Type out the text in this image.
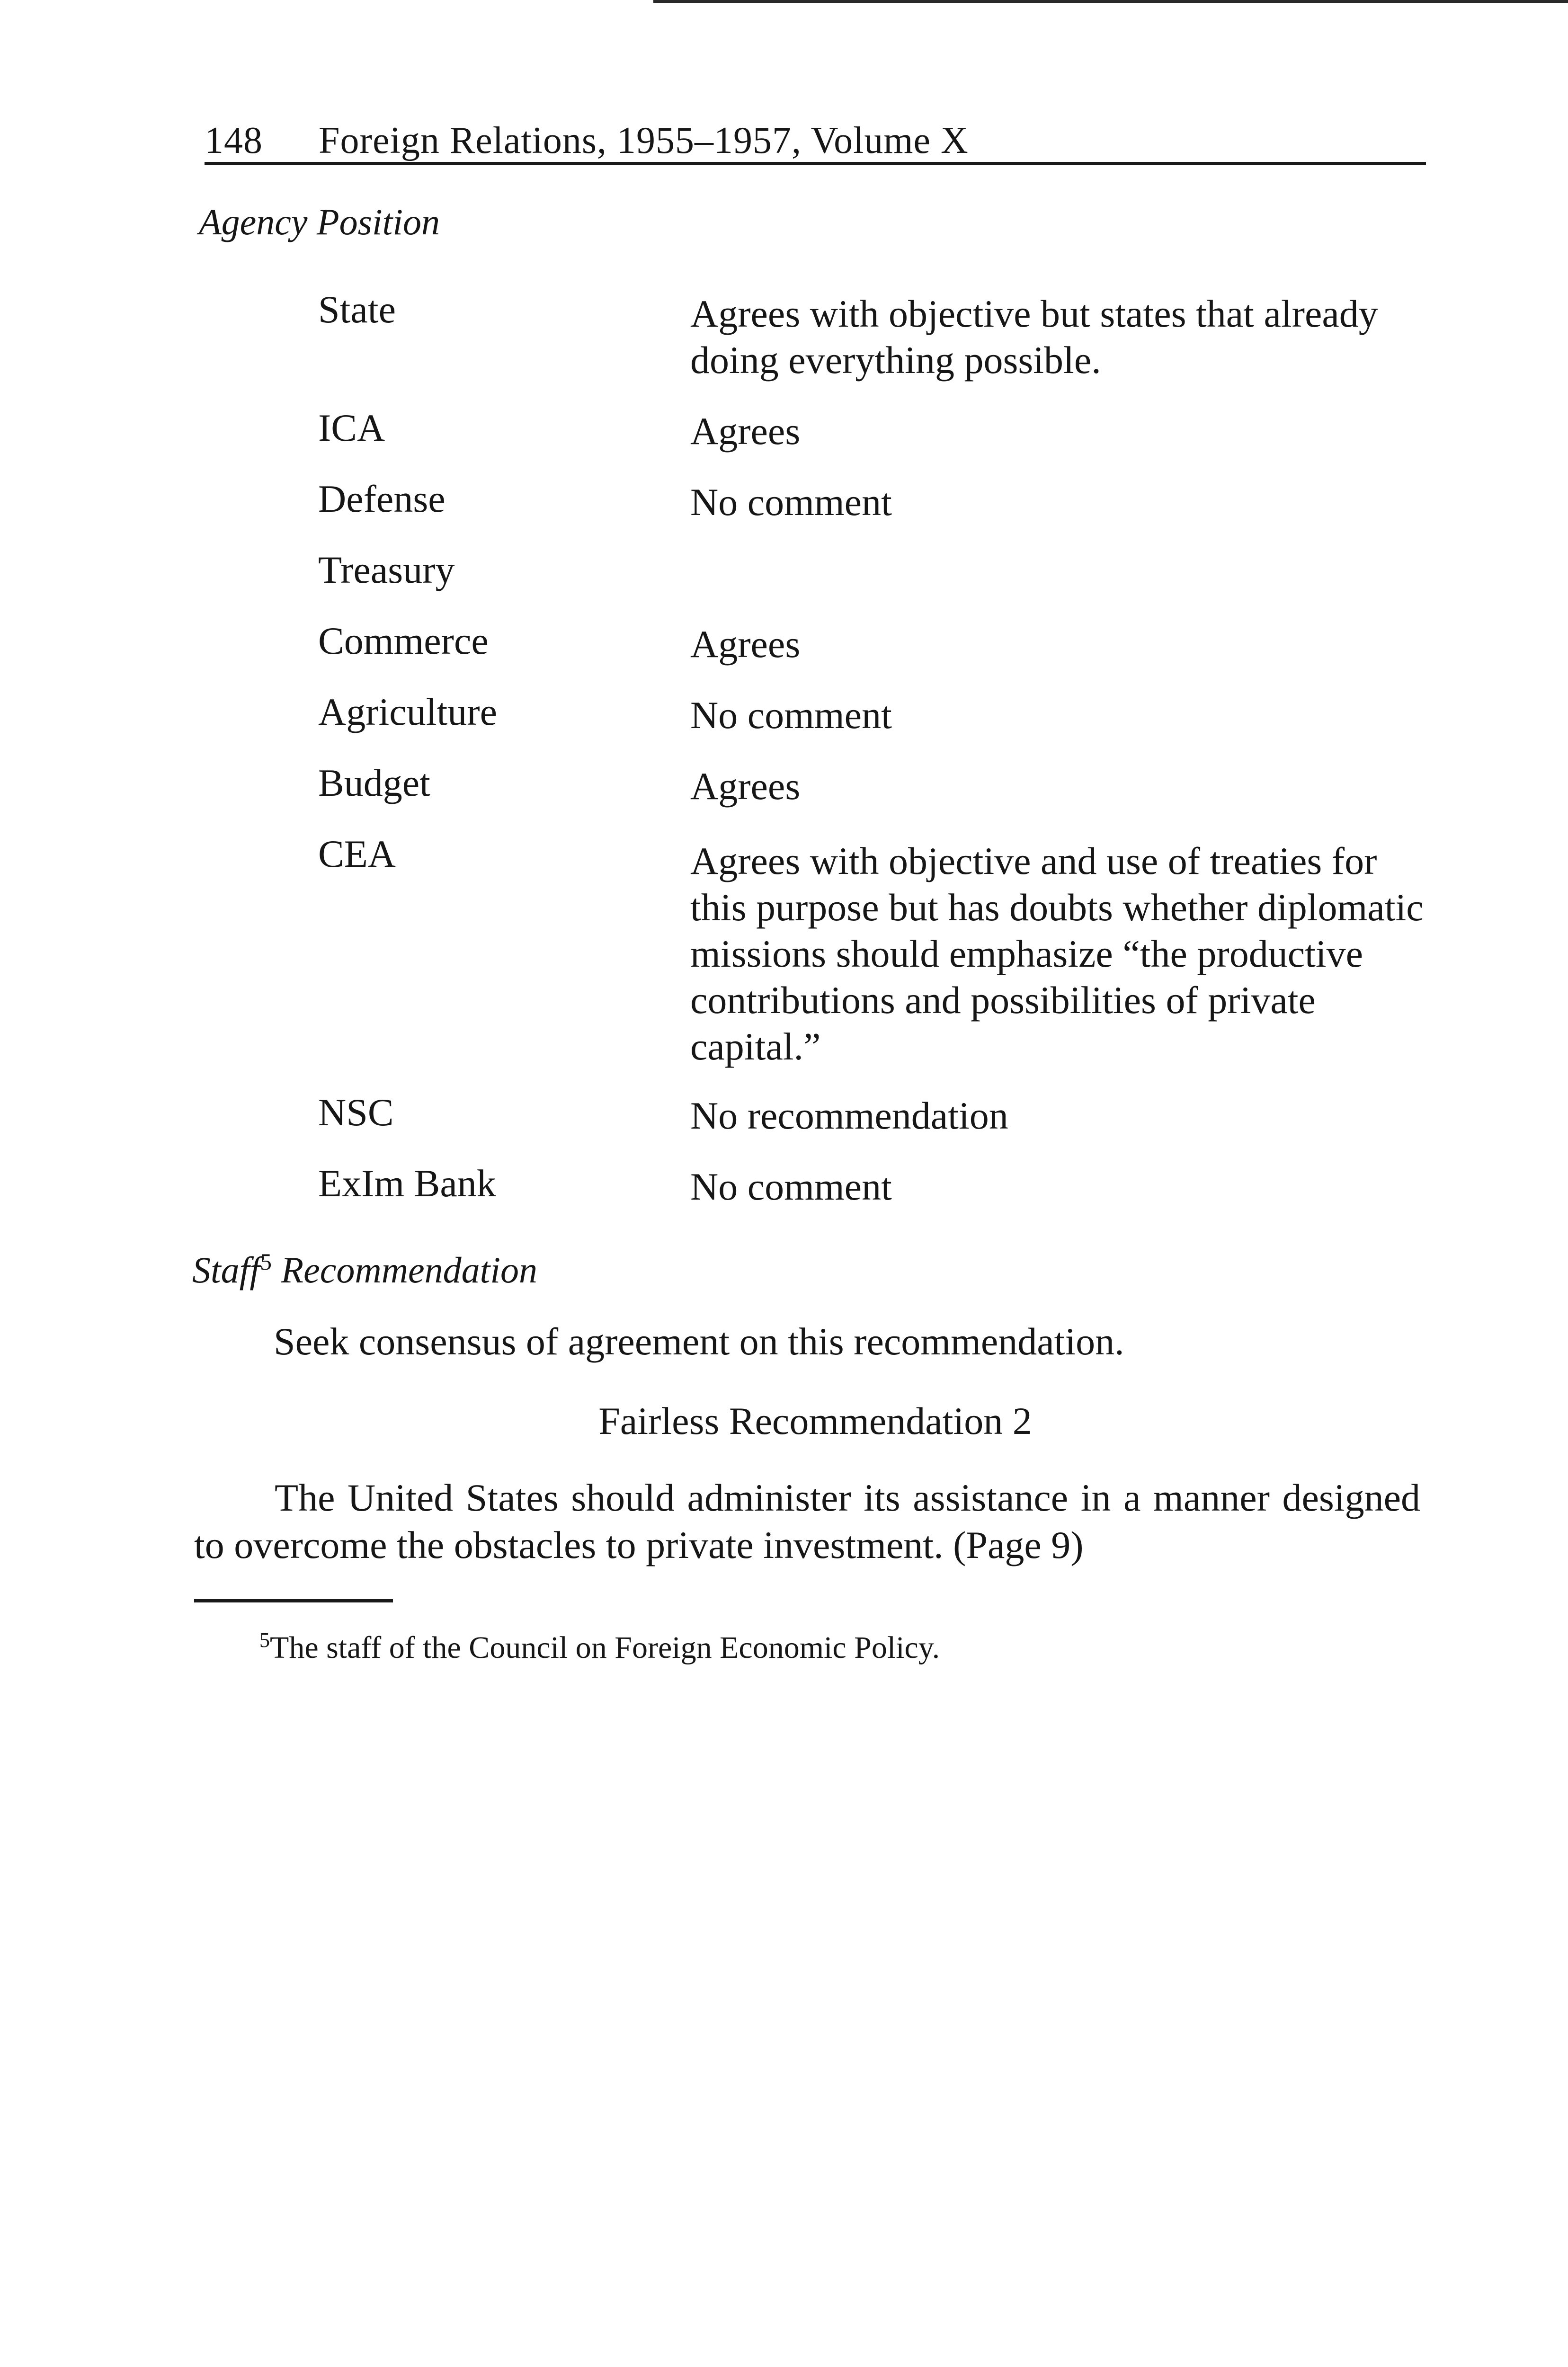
148 Foreign Relations, 1955–1957, Volume X
Agency Position
State	Agrees with objective but states that already doing everything possible.
ICA	Agrees
Defense	No comment
Treasury
Commerce	Agrees
Agriculture	No comment
Budget	Agrees
CEA	Agrees with objective and use of treaties for this purpose but has doubts whether diplomatic missions should emphasize “the productive contributions and possibilities of private capital.”
NSC	No recommendation
ExIm Bank	No comment
Staff$^5$ Recommendation
Seek consensus of agreement on this recommendation.
Fairless Recommendation 2
The United States should administer its assistance in a manner designed to overcome the obstacles to private investment. (Page 9)
$^5$The staff of the Council on Foreign Economic Policy.
